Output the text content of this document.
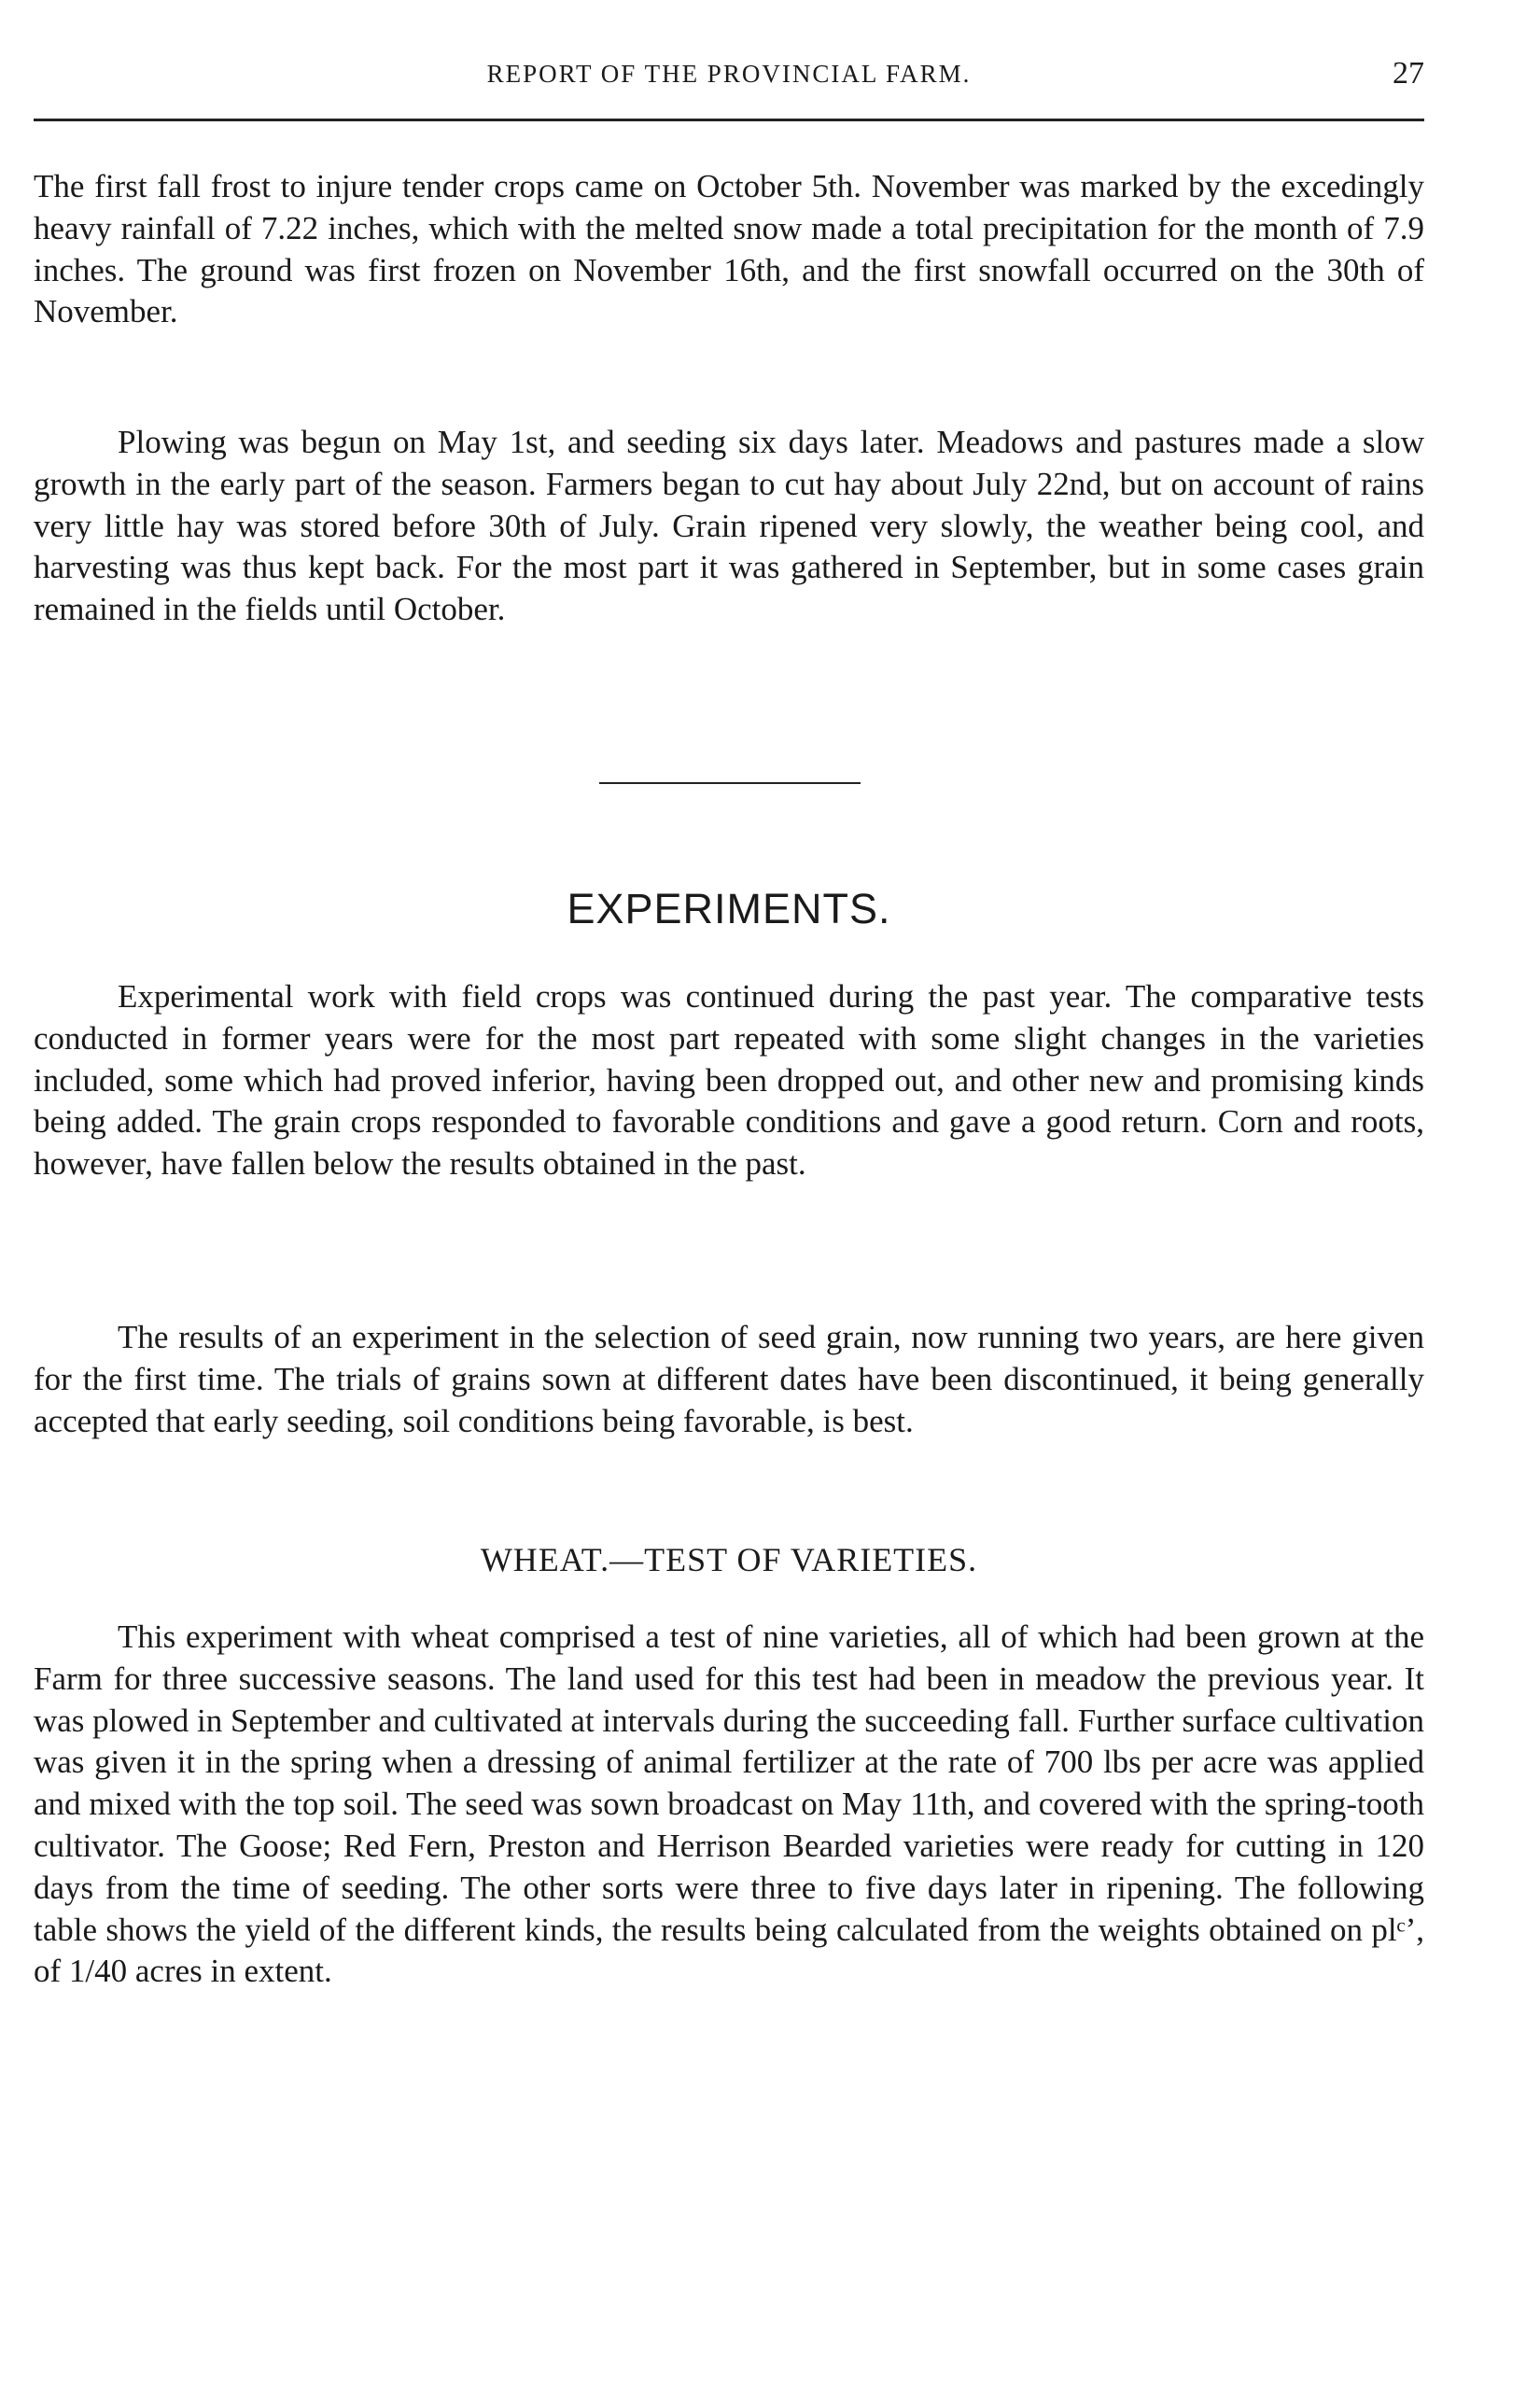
REPORT OF THE PROVINCIAL FARM.	27

The first fall frost to injure tender crops came on October 5th. November was marked by the excedingly heavy rainfall of 7.22 inches, which with the melted snow made a total precipitation for the month of 7.9 inches. The ground was first frozen on November 16th, and the first snowfall occurred on the 30th of November.

Plowing was begun on May 1st, and seeding six days later. Meadows and pastures made a slow growth in the early part of the season. Farmers began to cut hay about July 22nd, but on account of rains very little hay was stored before 30th of July. Grain ripened very slowly, the weather being cool, and harvesting was thus kept back. For the most part it was gathered in September, but in some cases grain remained in the fields until October.

EXPERIMENTS.

Experimental work with field crops was continued during the past year. The comparative tests conducted in former years were for the most part repeated with some slight changes in the varieties included, some which had proved inferior, having been dropped out, and other new and promising kinds being added. The grain crops responded to favorable conditions and gave a good return. Corn and roots, however, have fallen below the results obtained in the past.

The results of an experiment in the selection of seed grain, now running two years, are here given for the first time. The trials of grains sown at different dates have been discontinued, it being generally accepted that early seeding, soil conditions being favorable, is best.

WHEAT.—TEST OF VARIETIES.

This experiment with wheat comprised a test of nine varieties, all of which had been grown at the Farm for three successive seasons. The land used for this test had been in meadow the previous year. It was plowed in September and cultivated at intervals during the succeeding fall. Further surface cultivation was given it in the spring when a dressing of animal fertilizer at the rate of 700 lbs per acre was applied and mixed with the top soil. The seed was sown broadcast on May 11th, and covered with the spring-tooth cultivator. The Goose; Red Fern, Preston and Herrison Bearded varieties were ready for cutting in 120 days from the time of seeding. The other sorts were three to five days later in ripening. The following table shows the yield of the different kinds, the results being calculated from the weights obtained on plᶜʼ, of 1/40 acres in extent.
